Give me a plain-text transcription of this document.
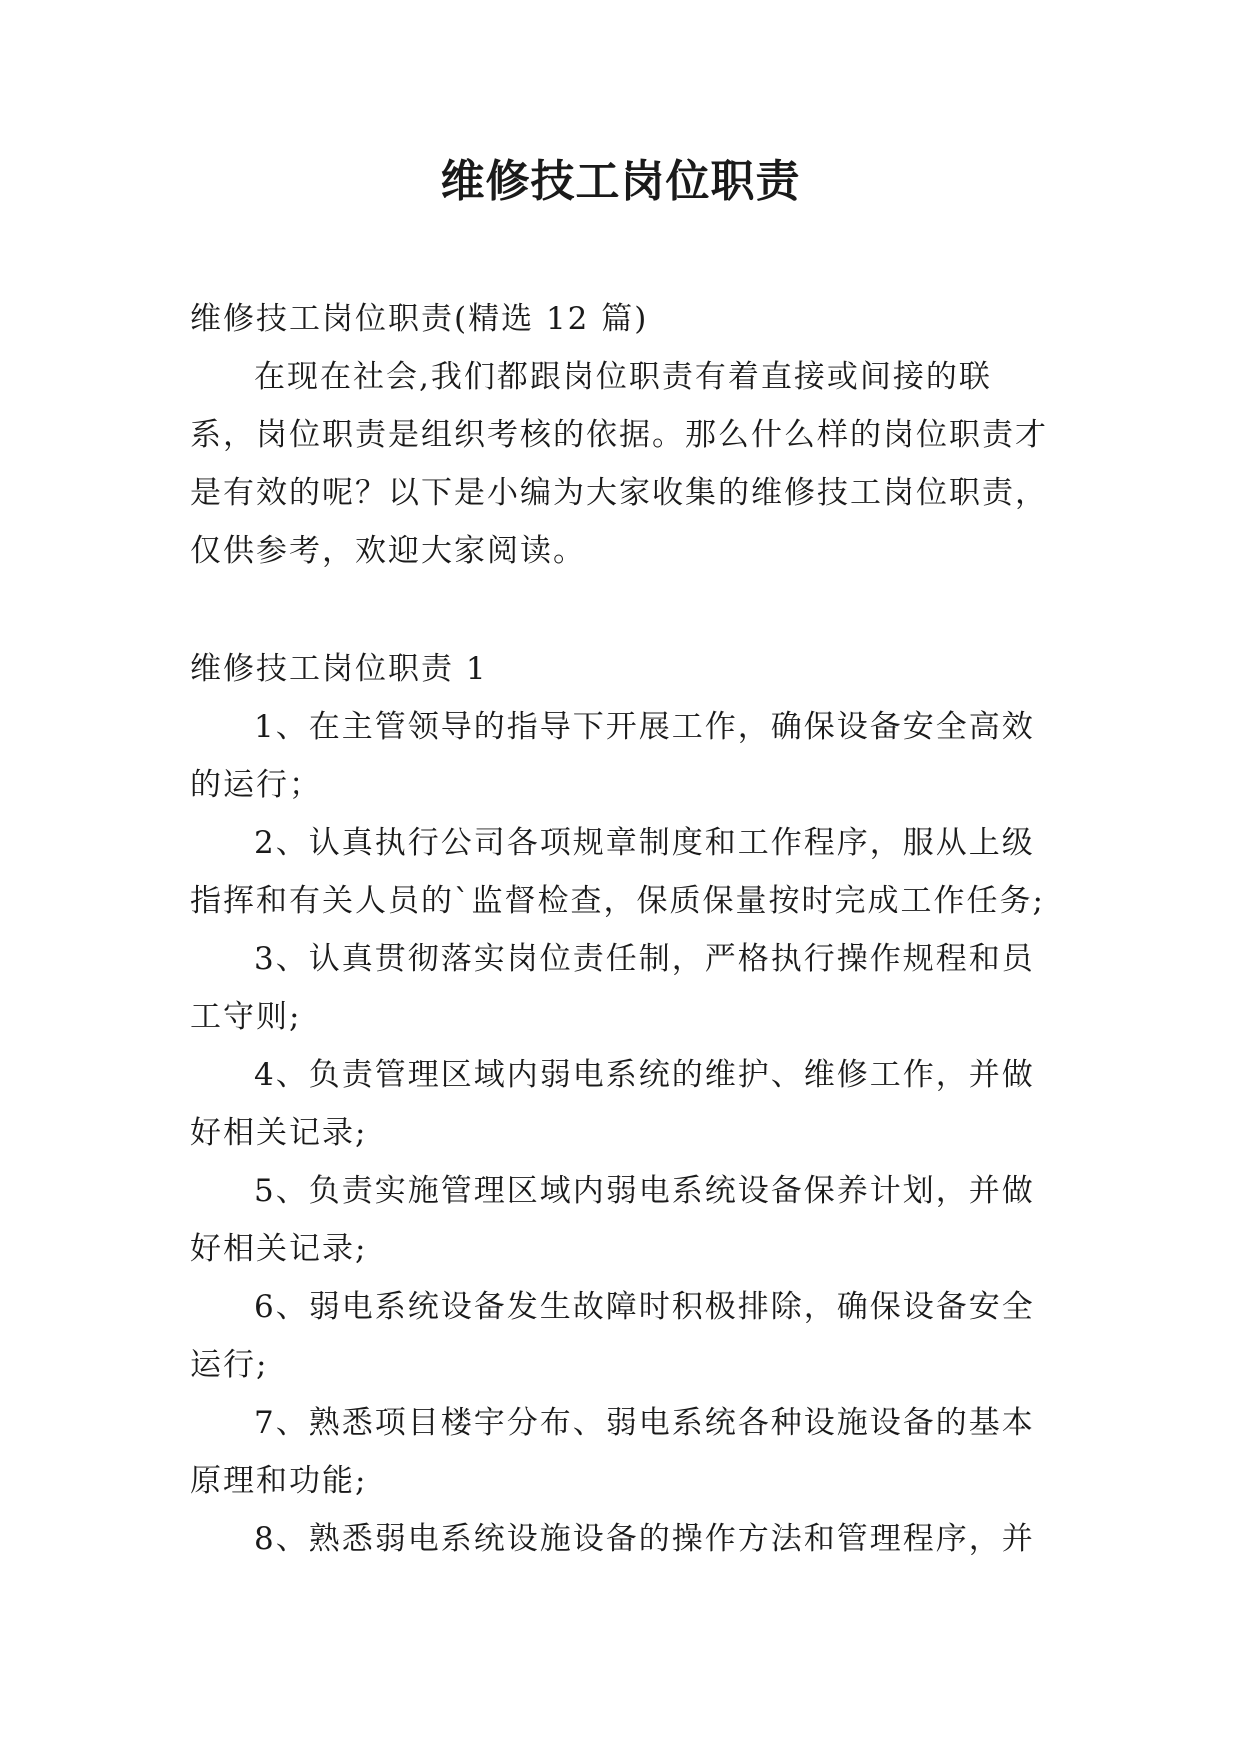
维修技工岗位职责

维修技工岗位职责(精选 12 篇)

在现在社会,我们都跟岗位职责有着直接或间接的联系，岗位职责是组织考核的依据。那么什么样的岗位职责才是有效的呢？以下是小编为大家收集的维修技工岗位职责，仅供参考，欢迎大家阅读。

维修技工岗位职责 1

1、在主管领导的指导下开展工作，确保设备安全高效的运行；

2、认真执行公司各项规章制度和工作程序，服从上级指挥和有关人员的`监督检查，保质保量按时完成工作任务;

3、认真贯彻落实岗位责任制，严格执行操作规程和员工守则;

4、负责管理区域内弱电系统的维护、维修工作，并做好相关记录;

5、负责实施管理区域内弱电系统设备保养计划，并做好相关记录;

6、弱电系统设备发生故障时积极排除，确保设备安全运行;

7、熟悉项目楼宇分布、弱电系统各种设施设备的基本原理和功能;

8、熟悉弱电系统设施设备的操作方法和管理程序，并
